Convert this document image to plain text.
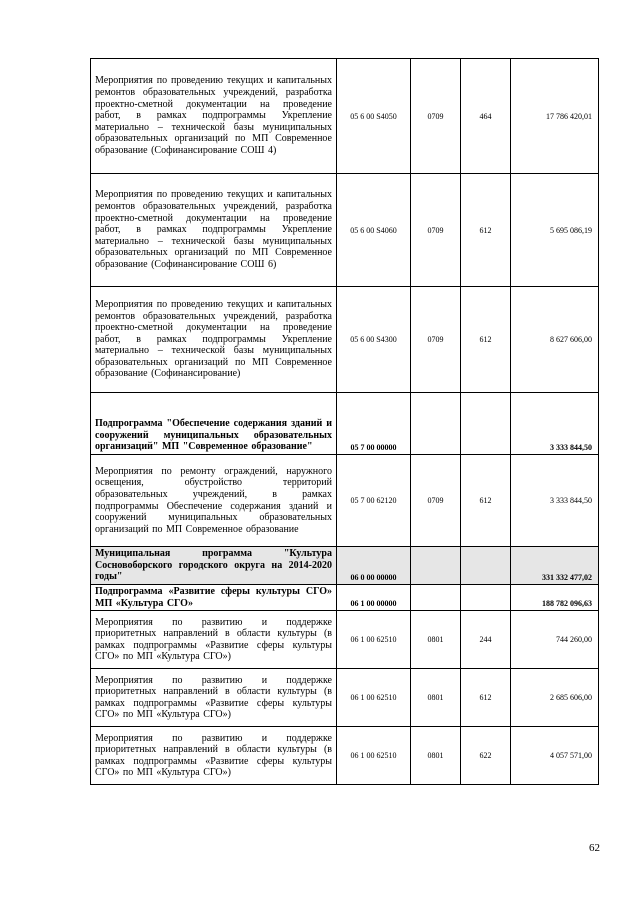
Мероприятия по проведению текущих и капитальных ремонтов образовательных учреждений, разработка проектно-сметной документации на проведение работ, в рамках подпрограммы Укрепление материально – технической базы муниципальных образовательных организаций по МП Современное образование (Софинансирование СОШ 4)	05 6 00 S4050	0709	464	17 786 420,01
Мероприятия по проведению текущих и капитальных ремонтов образовательных учреждений, разработка проектно-сметной документации на проведение работ, в рамках подпрограммы Укрепление материально – технической базы муниципальных образовательных организаций по МП Современное образование (Софинансирование СОШ 6)	05 6 00 S4060	0709	612	5 695 086,19
Мероприятия по проведению текущих и капитальных ремонтов образовательных учреждений, разработка проектно-сметной документации на проведение работ, в рамках подпрограммы Укрепление материально – технической базы муниципальных образовательных организаций по МП Современное образование (Софинансирование)	05 6 00 S4300	0709	612	8 627 606,00
Подпрограмма "Обеспечение содержания зданий и сооружений муниципальных образовательных организаций" МП "Современное образование"	05 7 00 00000			3 333 844,50
Мероприятия по ремонту ограждений, наружного освещения, обустройство территорий образовательных учреждений, в рамках подпрограммы Обеспечение содержания зданий и сооружений муниципальных образовательных организаций по МП Современное образование	05 7 00 62120	0709	612	3 333 844,50
Муниципальная программа "Культура Сосновоборского городского округа на 2014-2020 годы"	06 0 00 00000			331 332 477,02
Подпрограмма «Развитие сферы культуры СГО» МП «Культура СГО»	06 1 00 00000			188 782 096,63
Мероприятия по развитию и поддержке приоритетных направлений в области культуры (в рамках подпрограммы «Развитие сферы культуры СГО» по МП «Культура СГО»)	06 1 00 62510	0801	244	744 260,00
Мероприятия по развитию и поддержке приоритетных направлений в области культуры (в рамках подпрограммы «Развитие сферы культуры СГО» по МП «Культура СГО»)	06 1 00 62510	0801	612	2 685 606,00
Мероприятия по развитию и поддержке приоритетных направлений в области культуры (в рамках подпрограммы «Развитие сферы культуры СГО» по МП «Культура СГО»)	06 1 00 62510	0801	622	4 057 571,00
62
